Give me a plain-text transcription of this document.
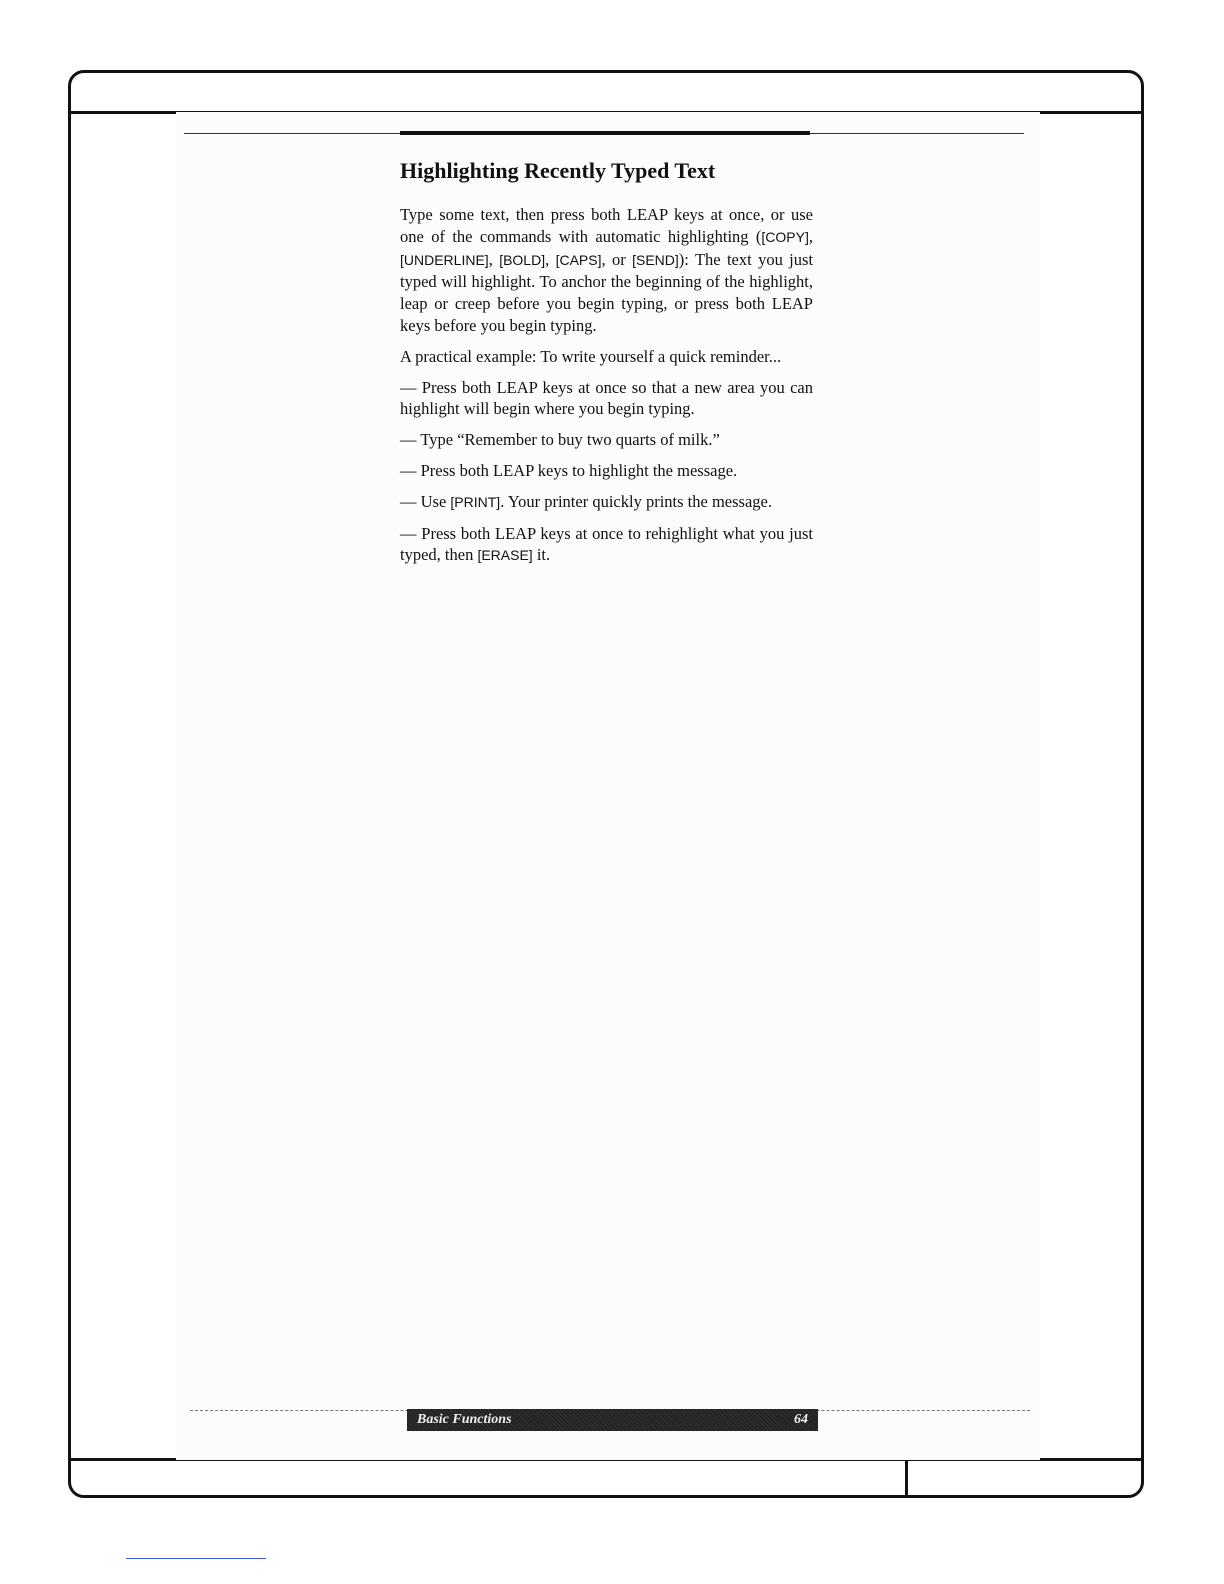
Highlighting Recently Typed Text

Type some text, then press both LEAP keys at once, or use one of the commands with automatic highlighting ([COPY], [UNDERLINE], [BOLD], [CAPS], or [SEND]): The text you just typed will highlight. To anchor the beginning of the highlight, leap or creep before you begin typing, or press both LEAP keys before you begin typing.

A practical example: To write yourself a quick reminder...

— Press both LEAP keys at once so that a new area you can highlight will begin where you begin typing.

— Type “Remember to buy two quarts of milk.”

— Press both LEAP keys to highlight the message.

— Use [PRINT]. Your printer quickly prints the message.

— Press both LEAP keys at once to rehighlight what you just typed, then [ERASE] it.

Basic Functions	64
